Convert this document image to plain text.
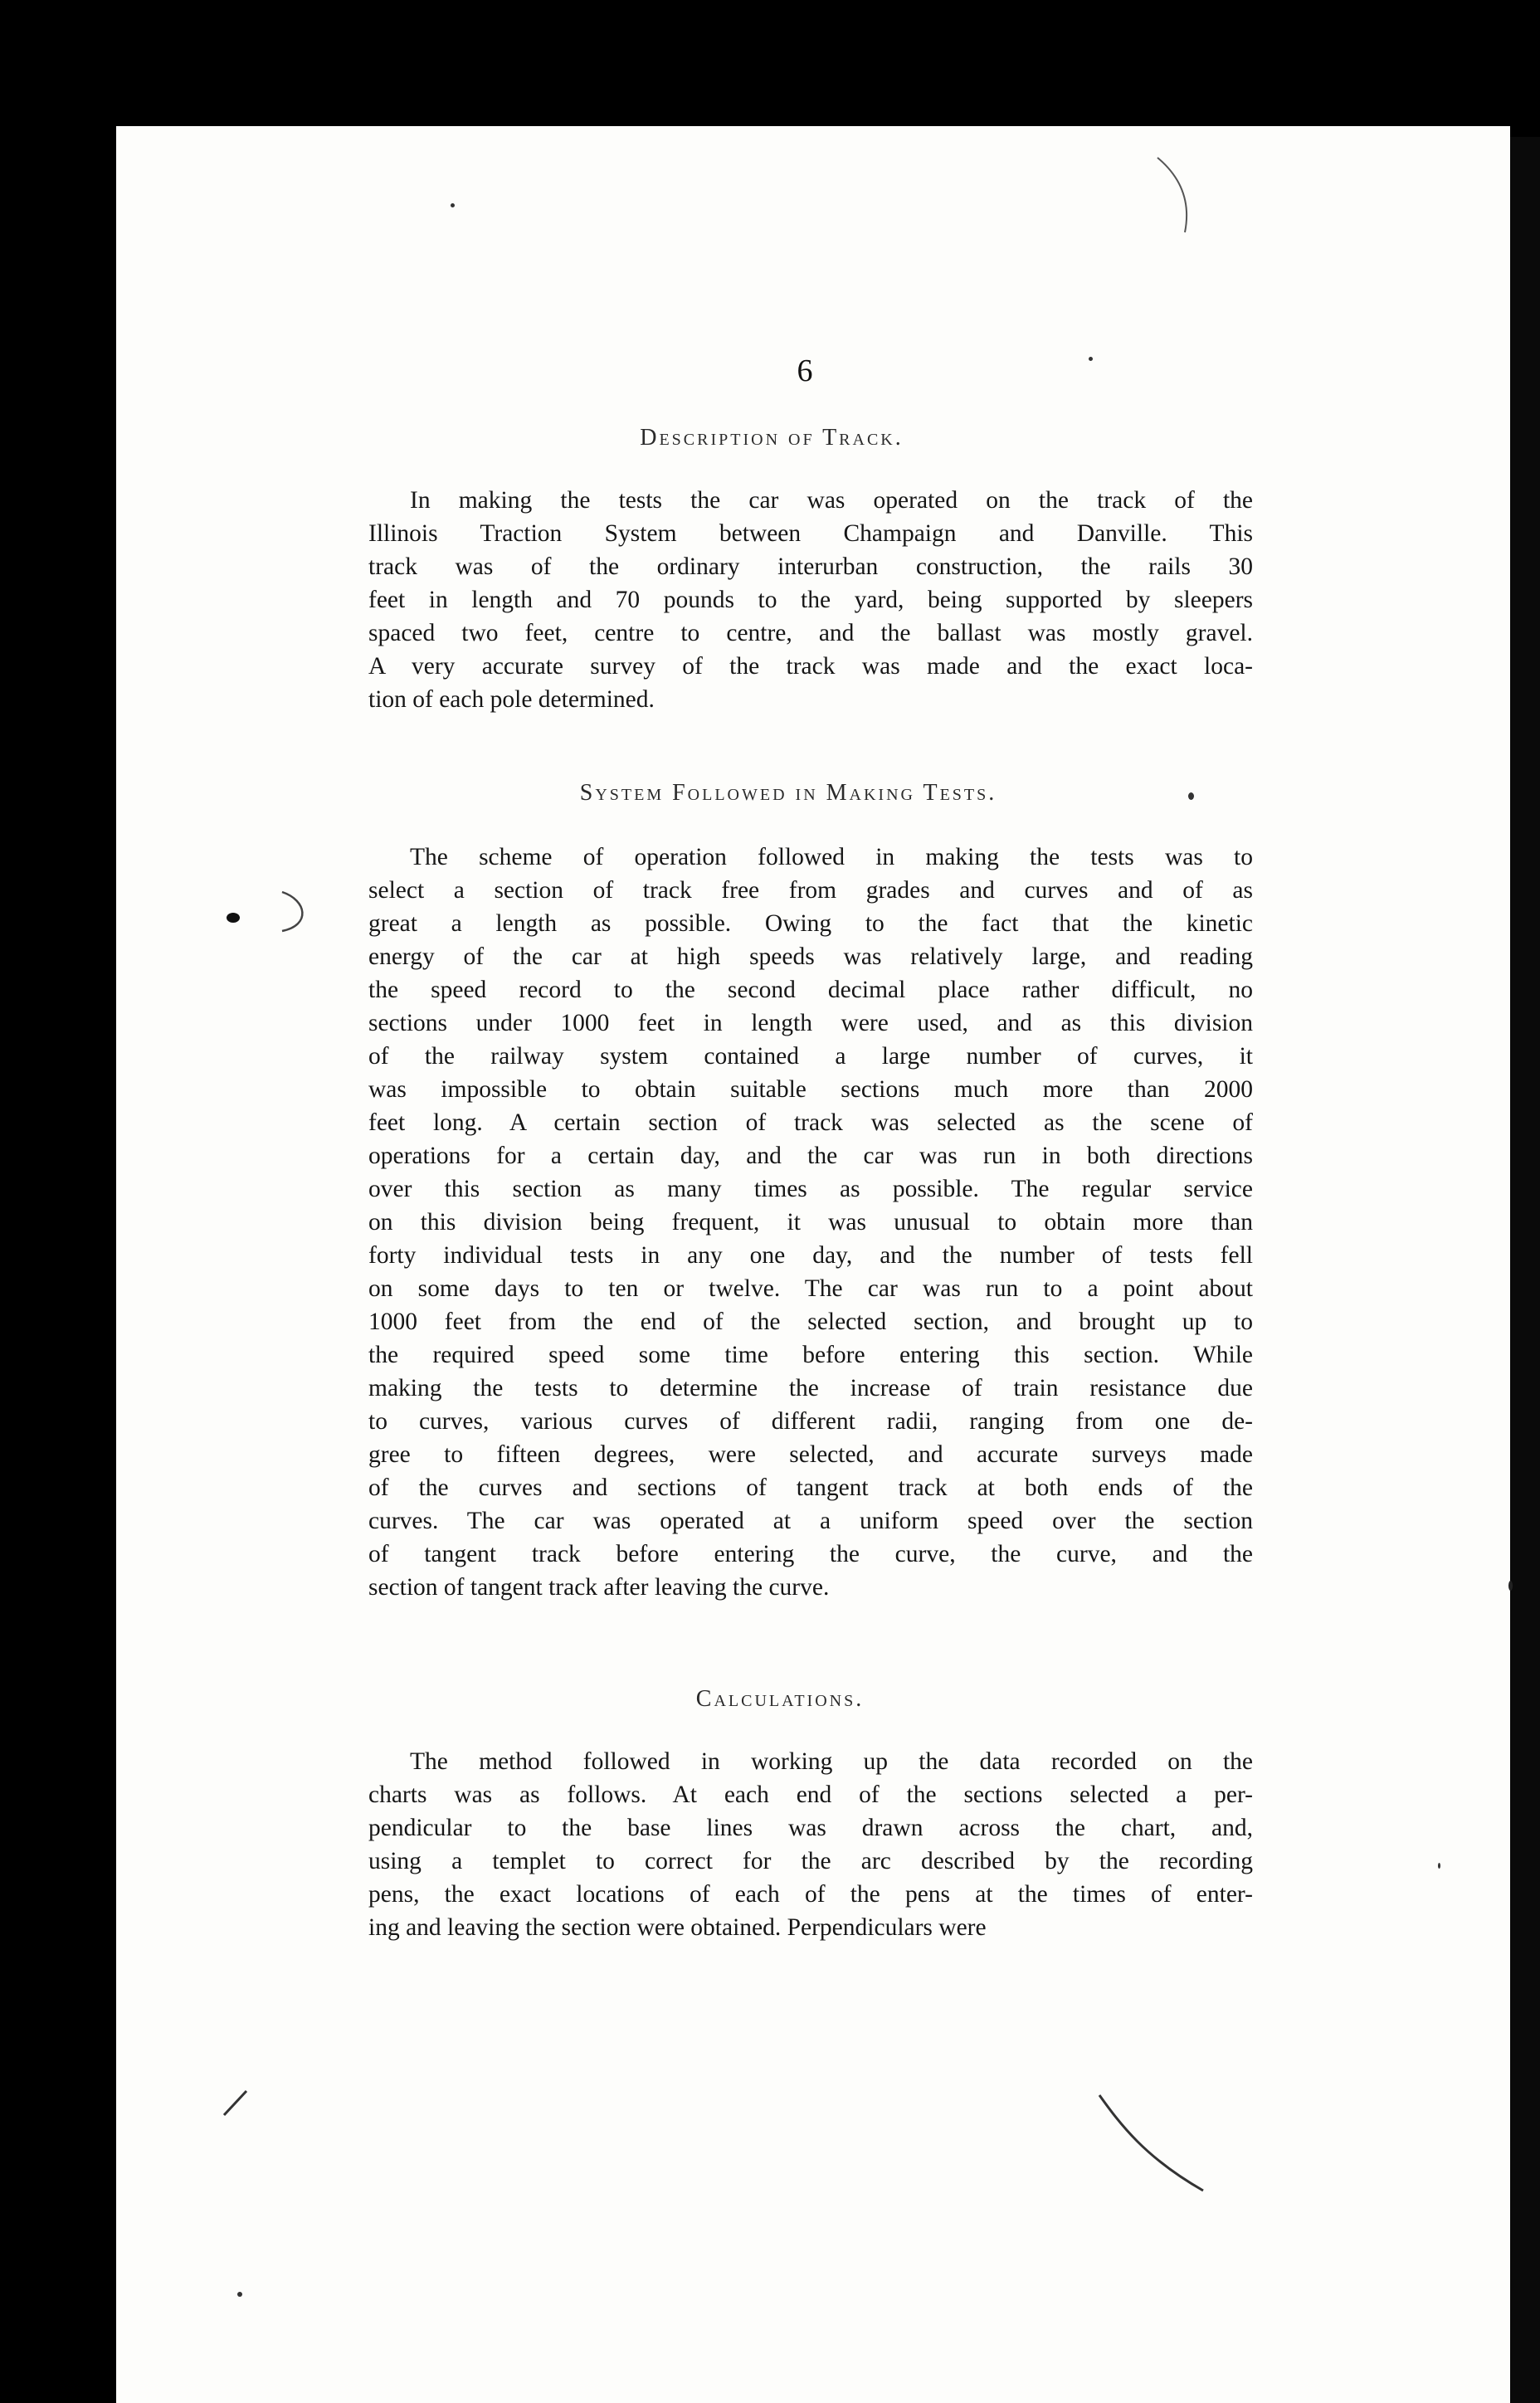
6
Description of Track.

In making the tests the car was operated on the track of the
Illinois Traction System between Champaign and Danville. This
track was of the ordinary interurban construction, the rails 30
feet in length and 70 pounds to the yard, being supported by sleepers
spaced two feet, centre to centre, and the ballast was mostly gravel.
A very accurate survey of the track was made and the exact loca-
tion of each pole determined.

System Followed in Making Tests.

The scheme of operation followed in making the tests was to
select a section of track free from grades and curves and of as
great a length as possible. Owing to the fact that the kinetic
energy of the car at high speeds was relatively large, and reading
the speed record to the second decimal place rather difficult, no
sections under 1000 feet in length were used, and as this division
of the railway system contained a large number of curves, it
was impossible to obtain suitable sections much more than 2000
feet long. A certain section of track was selected as the scene of
operations for a certain day, and the car was run in both directions
over this section as many times as possible. The regular service
on this division being frequent, it was unusual to obtain more than
forty individual tests in any one day, and the number of tests fell
on some days to ten or twelve. The car was run to a point about
1000 feet from the end of the selected section, and brought up to
the required speed some time before entering this section. While
making the tests to determine the increase of train resistance due
to curves, various curves of different radii, ranging from one de-
gree to fifteen degrees, were selected, and accurate surveys made
of the curves and sections of tangent track at both ends of the
curves. The car was operated at a uniform speed over the section
of tangent track before entering the curve, the curve, and the
section of tangent track after leaving the curve.

Calculations.

The method followed in working up the data recorded on the
charts was as follows. At each end of the sections selected a per-
pendicular to the base lines was drawn across the chart, and,
using a templet to correct for the arc described by the recording
pens, the exact locations of each of the pens at the times of enter-
ing and leaving the section were obtained. Perpendiculars were
